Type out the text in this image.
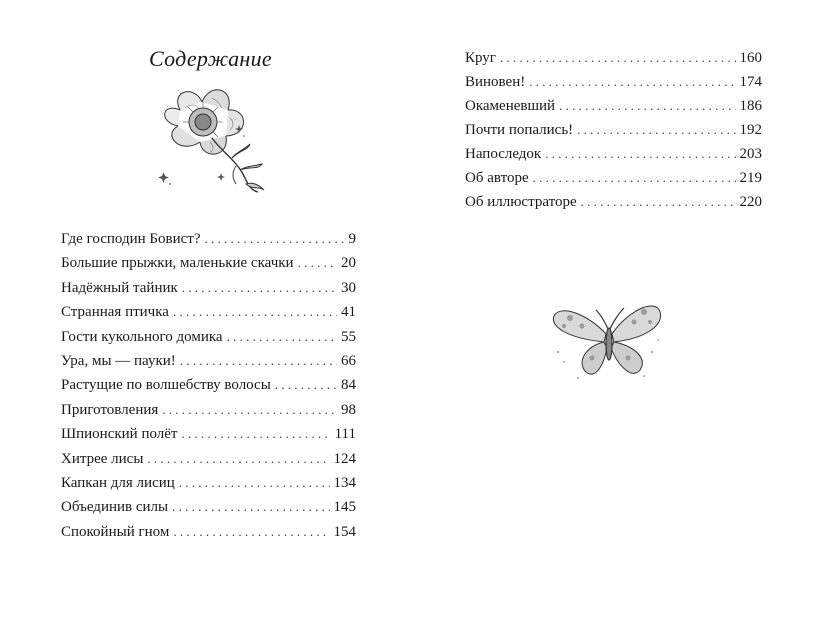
Содержание
Где господин Бовист? . . .	9
Большие прыжки, маленькие скачки . . .	20
Надёжный тайник . . .	30
Странная птичка . . .	41
Гости кукольного домика . . .	55
Ура, мы — пауки! . . .	66
Растущие по волшебству волосы . . .	84
Приготовления . . .	98
Шпионский полёт . . .	111
Хитрее лисы . . .	124
Капкан для лисиц . . .	134
Объединив силы . . .	145
Спокойный гном . . .	154
Круг . . .	160
Виновен! . . .	174
Окаменевший . . .	186
Почти попались! . . .	192
Напоследок . . .	203
Об авторе . . .	219
Об иллюстраторе . . .	220
